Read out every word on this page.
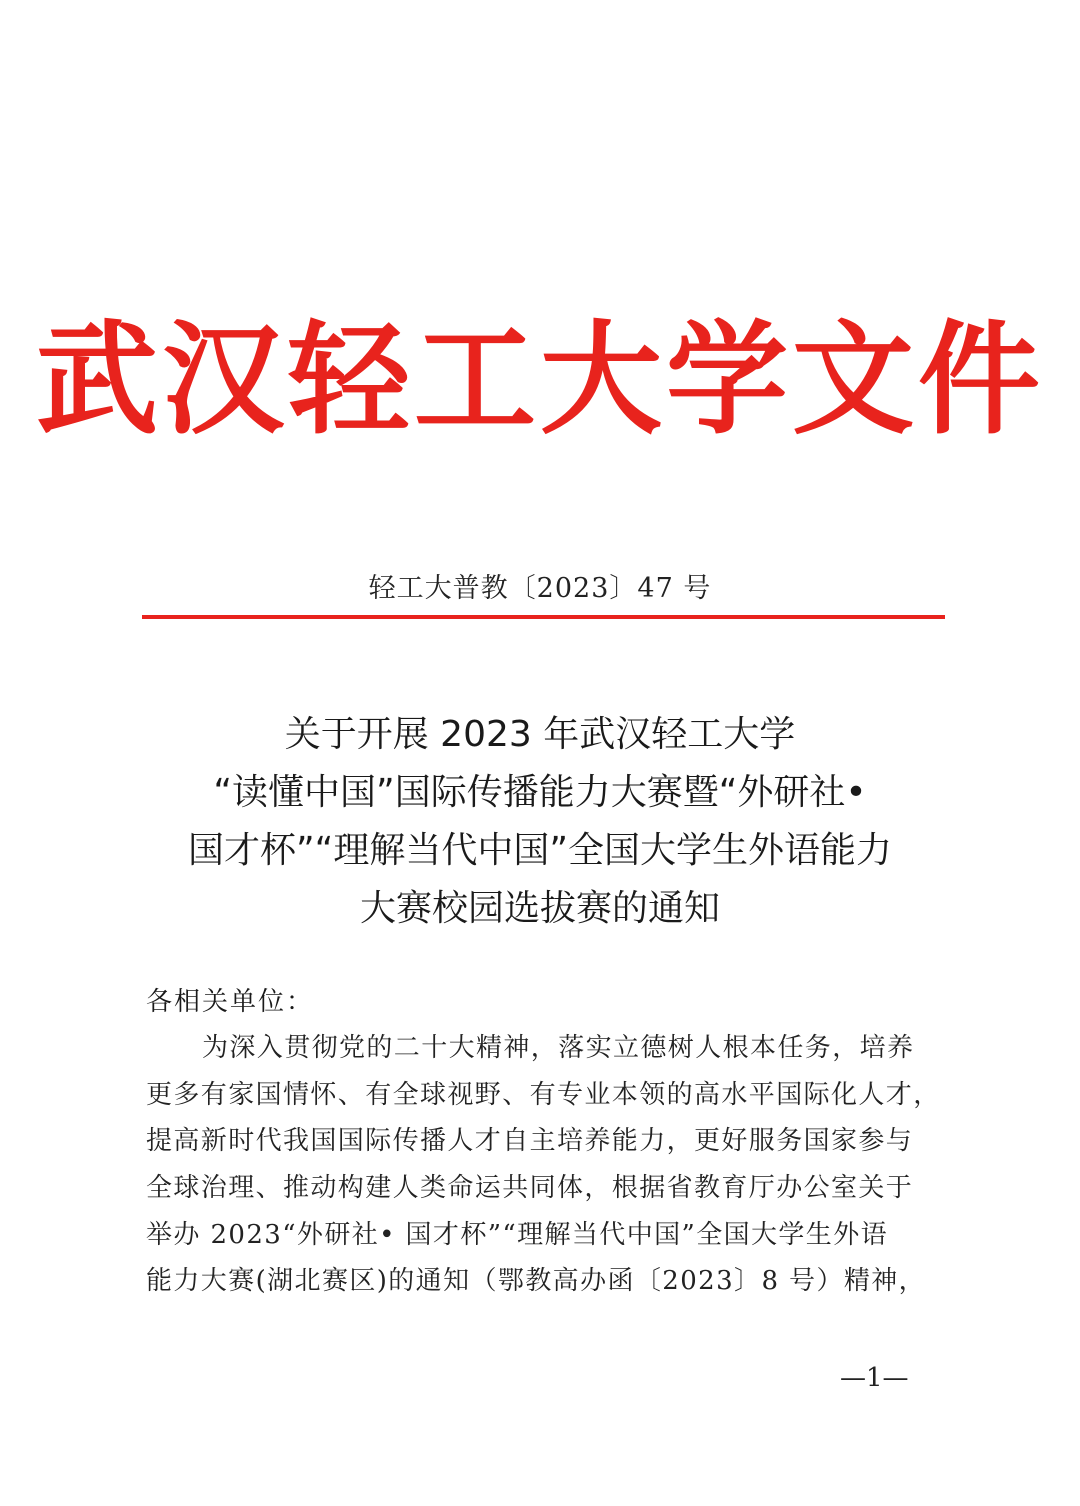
武汉轻工大学文件
轻工大普教〔2023〕47 号
关于开展 2023 年武汉轻工大学
“读懂中国”国际传播能力大赛暨“外研社•
国才杯”“理解当代中国”全国大学生外语能力
大赛校园选拔赛的通知
各相关单位：
为深入贯彻党的二十大精神，落实立德树人根本任务，培养
更多有家国情怀、有全球视野、有专业本领的高水平国际化人才，
提高新时代我国国际传播人才自主培养能力，更好服务国家参与
全球治理、推动构建人类命运共同体，根据省教育厅办公室关于
举办 2023“外研社• 国才杯”“理解当代中国”全国大学生外语
能力大赛(湖北赛区)的通知（鄂教高办函〔2023〕8 号）精神，
—1—
